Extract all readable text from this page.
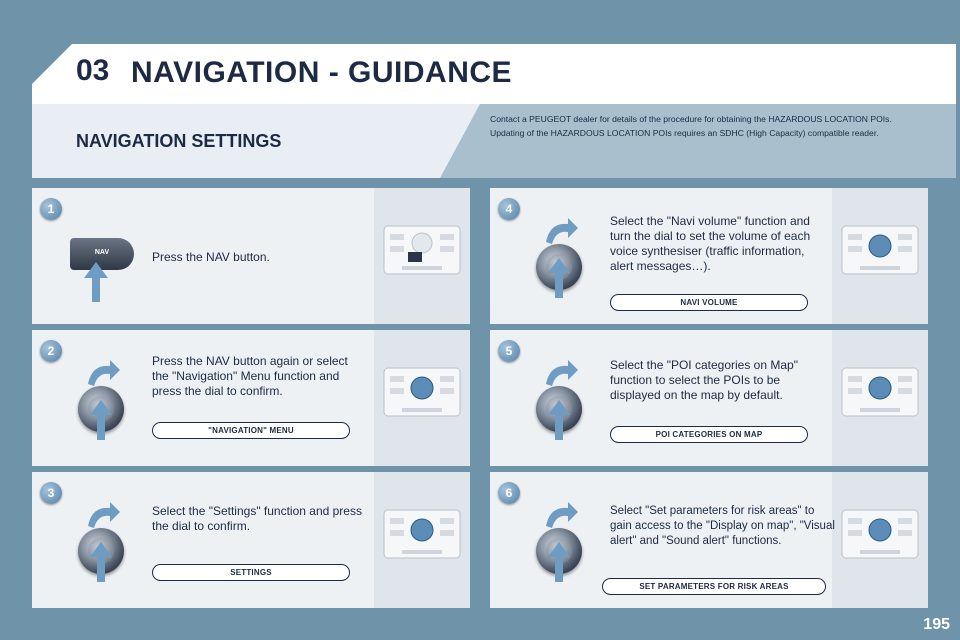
03 NAVIGATION - GUIDANCE
NAVIGATION SETTINGS

Contact a PEUGEOT dealer for details of the procedure for obtaining the HAZARDOUS LOCATION POIs.

Updating of the HAZARDOUS LOCATION POIs requires an SDHC (High Capacity) compatible reader.

1
NAV	Press the NAV button.
2
Press the NAV button again or select the "Navigation" Menu function and press the dial to confirm.
"NAVIGATION" MENU
3
Select the "Settings" function and press the dial to confirm.
SETTINGS
4
Select the "Navi volume" function and turn the dial to set the volume of each voice synthesiser (traffic information, alert messages…).
NAVI VOLUME
5
Select the "POI categories on Map" function to select the POIs to be displayed on the map by default.
POI CATEGORIES ON MAP
6
Select "Set parameters for risk areas" to gain access to the "Display on map", "Visual alert" and "Sound alert" functions.
SET PARAMETERS FOR RISK AREAS
195
